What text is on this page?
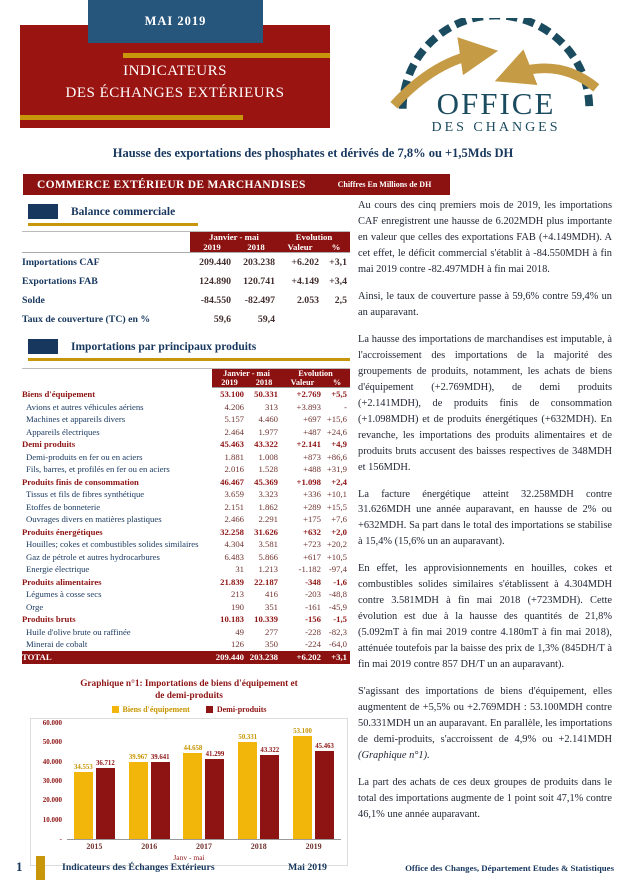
INDICATEURS
DES ÉCHANGES EXTÉRIEURS
MAI 2019
OFFICE
DES CHANGES
Hausse des exportations des phosphates et dérivés de 7,8% ou +1,5Mds DH
COMMERCE EXTÉRIEUR DE MARCHANDISES	Chiffres En Millions de DH
Balance commerciale
Janvier - mai	Evolution
2019	2018	Valeur	%
Importations CAF	209.440	203.238	+6.202	+3,1
Exportations FAB	124.890	120.741	+4.149	+3,4
Solde	-84.550	-82.497	2.053	2,5
Taux de couverture (TC) en %	59,6	59,4
Importations par principaux produits
Janvier - mai	Evolution
2019	2018	Valeur	%
Biens d'équipement	53.100	50.331	+2.769	+5,5
Avions et autres véhicules aériens	4.206	313	+3.893	-
Machines et appareils divers	5.157	4.460	+697 +15,6
Appareils électriques	2.464	1.977	+487 +24,6
Demi produits	45.463	43.322	+2.141	+4,9
Demi-produits en fer ou en aciers	1.881	1.008	+873 +86,6
Fils, barres, et profilés en fer ou en aciers	2.016	1.528	+488 +31,9
Produits finis de consommation	46.467	45.369	+1.098	+2,4
Tissus et fils de fibres synthétique	3.659	3.323	+336 +10,1
Etoffes de bonneterie	2.151	1.862	+289 +15,5
Ouvrages divers en matières plastiques	2.466	2.291	+175	+7,6
Produits énergétiques	32.258	31.626	+632	+2,0
Houilles; cokes et combustibles solides similaires	4.304	3.581	+723 +20,2
Gaz de pétrole et autres hydrocarbures	6.483	5.866	+617 +10,5
Energie électrique	31	1.213	-1.182 -97,4
Produits alimentaires	21.839	22.187	-348	-1,6
Légumes à cosse secs	213	416	-203 -48,8
Orge	190	351	-161 -45,9
Produits bruts	10.183	10.339	-156	-1,5
Huile d'olive brute ou raffinée	49	277	-228 -82,3
Minerai de cobalt	126	350	-224 -64,0
TOTAL	209.440 203.238	+6.202	+3,1
Graphique n°1: Importations de biens d'équipement et
de demi-produits
Biens d'équipement	Demi-produits
60.000
50.000
40.000
30.000
20.000
10.000
-
34.553
36.712
39.967 39.641
44.658
41.299
50.331
43.322
53.100
45.463
2015	2016	2017	2018	2019
Janv - mai

Au cours des cinq premiers mois de 2019, les importations CAF enregistrent une hausse de 6.202MDH plus importante en valeur que celles des exportations FAB (+4.149MDH). A cet effet, le déficit commercial s'établit à -84.550MDH à fin mai 2019 contre -82.497MDH à fin mai 2018.

Ainsi, le taux de couverture passe à 59,6% contre 59,4% un an auparavant.

La hausse des importations de marchandises est imputable, à l'accroissement des importations de la majorité des groupements de produits, notamment, les achats de biens d'équipement (+2.769MDH), de demi produits (+2.141MDH), de produits finis de consommation (+1.098MDH) et de produits énergétiques (+632MDH). En revanche, les importations des produits alimentaires et de produits bruts accusent des baisses respectives de 348MDH et 156MDH.

La facture énergétique atteint 32.258MDH contre 31.626MDH une année auparavant, en hausse de 2% ou +632MDH. Sa part dans le total des importations se stabilise à 15,4% (15,6% un an auparavant).

En effet, les approvisionnements en houilles, cokes et combustibles solides similaires s'établissent à 4.304MDH contre 3.581MDH à fin mai 2018 (+723MDH). Cette évolution est due à la hausse des quantités de 21,8% (5.092mT à fin mai 2019 contre 4.180mT à fin mai 2018), atténuée toutefois par la baisse des prix de 1,3% (845DH/T à fin mai 2019 contre 857 DH/T un an auparavant).

S'agissant des importations de biens d'équipement, elles augmentent de +5,5% ou +2.769MDH : 53.100MDH contre 50.331MDH un an auparavant. En parallèle, les importations de demi-produits, s'accroissent de 4,9% ou +2.141MDH (Graphique n°1).

La part des achats de ces deux groupes de produits dans le total des importations augmente de 1 point soit 47,1% contre 46,1% une année auparavant.

1	Indicateurs des Échanges Extérieurs	Mai 2019	Office des Changes, Département Etudes & Statistiques
